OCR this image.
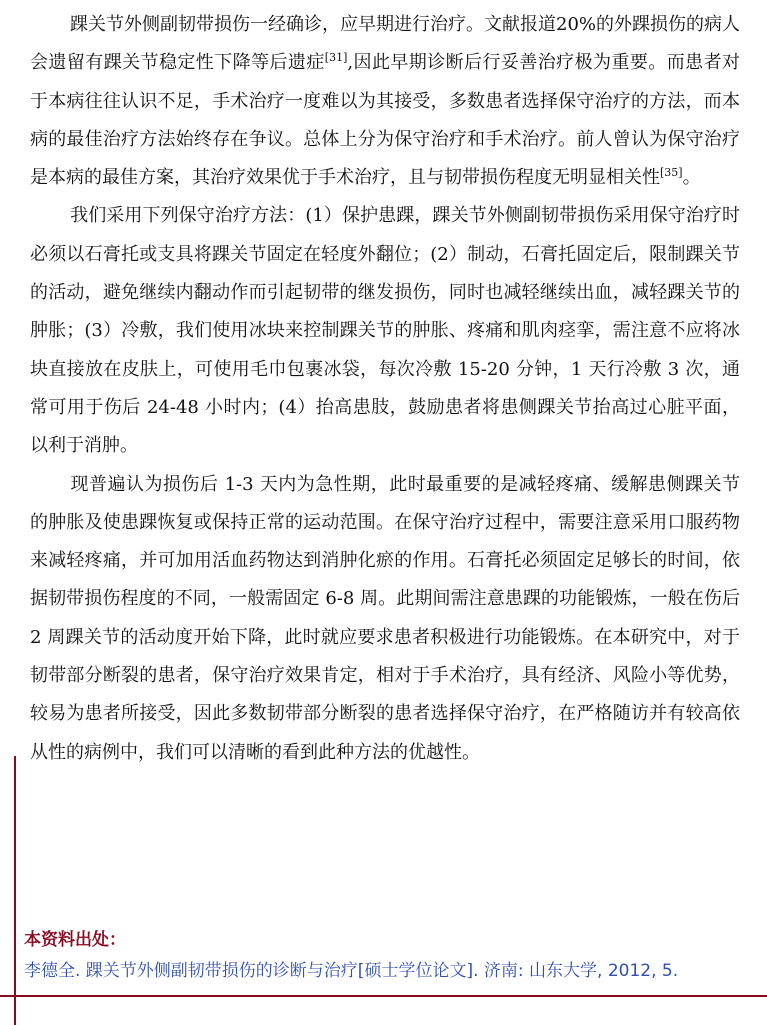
踝关节外侧副韧带损伤一经确诊，应早期进行治疗。文献报道20%的外踝损伤的病人会遗留有踝关节稳定性下降等后遗症[31],因此早期诊断后行妥善治疗极为重要。而患者对于本病往往认识不足，手术治疗一度难以为其接受，多数患者选择保守治疗的方法，而本病的最佳治疗方法始终存在争议。总体上分为保守治疗和手术治疗。前人曾认为保守治疗是本病的最佳方案，其治疗效果优于手术治疗，且与韧带损伤程度无明显相关性[35]。

我们采用下列保守治疗方法：(1）保护患踝，踝关节外侧副韧带损伤采用保守治疗时必须以石膏托或支具将踝关节固定在轻度外翻位；(2）制动，石膏托固定后，限制踝关节的活动，避免继续内翻动作而引起韧带的继发损伤，同时也减轻继续出血，减轻踝关节的肿胀；(3）冷敷，我们使用冰块来控制踝关节的肿胀、疼痛和肌肉痉挛，需注意不应将冰块直接放在皮肤上，可使用毛巾包裹冰袋，每次冷敷 15-20 分钟，1 天行冷敷 3 次，通常可用于伤后 24-48 小时内；(4）抬高患肢，鼓励患者将患侧踝关节抬高过心脏平面，以利于消肿。

现普遍认为损伤后 1-3 天内为急性期，此时最重要的是减轻疼痛、缓解患侧踝关节的肿胀及使患踝恢复或保持正常的运动范围。在保守治疗过程中，需要注意采用口服药物来减轻疼痛，并可加用活血药物达到消肿化瘀的作用。石膏托必须固定足够长的时间，依据韧带损伤程度的不同，一般需固定 6-8 周。此期间需注意患踝的功能锻炼，一般在伤后 2 周踝关节的活动度开始下降，此时就应要求患者积极进行功能锻炼。在本研究中，对于韧带部分断裂的患者，保守治疗效果肯定，相对于手术治疗，具有经济、风险小等优势，较易为患者所接受，因此多数韧带部分断裂的患者选择保守治疗，在严格随访并有较高依从性的病例中，我们可以清晰的看到此种方法的优越性。

本资料出处：
李德全. 踝关节外侧副韧带损伤的诊断与治疗[硕士学位论文]. 济南: 山东大学, 2012, 5.
